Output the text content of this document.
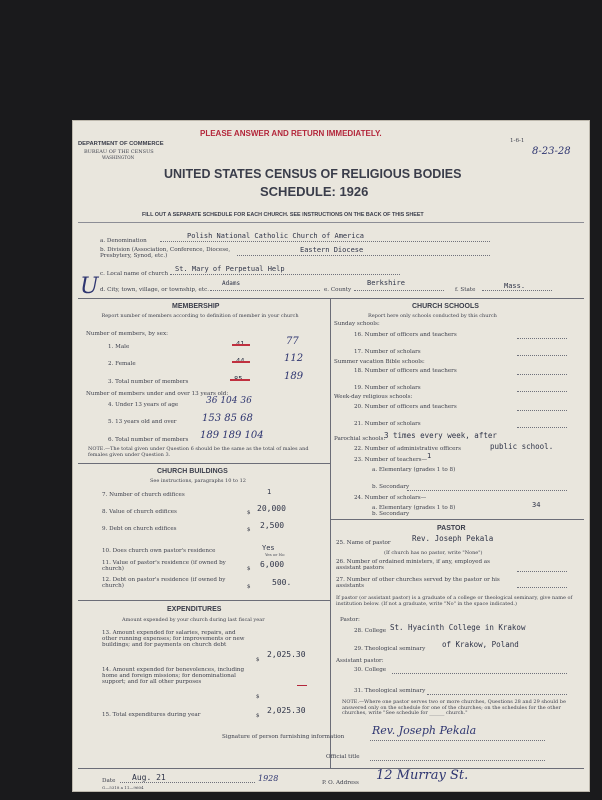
PLEASE ANSWER AND RETURN IMMEDIATELY.
DEPARTMENT OF COMMERCE
BUREAU OF THE CENSUS
WASHINGTON
1-6-1
8-23-28
UNITED STATES CENSUS OF RELIGIOUS BODIES
SCHEDULE: 1926
FILL OUT A SEPARATE SCHEDULE FOR EACH CHURCH. SEE INSTRUCTIONS ON THE BACK OF THIS SHEET
a. Denomination
Polish National Catholic Church of America
b. Division (Association, Conference, Diocese, Presbytery, Synod, etc.)
Eastern Diocese
U c. Local name of church
St. Mary of Perpetual Help
d. City, town, village, or township, etc.
Adams
e. County
Berkshire
f. State	Mass.
MEMBERSHIP
Report number of members according to definition of member in your church
Number of members, by sex:
1. Male	41	77
2. Female	44	112
3. Total number of members	85	189
Number of members under and over 13 years old:
4. Under 13 years of age	36 104 36
5. 13 years old and over	153 85 68
6. Total number of members 189 189 104
NOTE.—The total given under Question 6 should be the same as the total of males and females given under Question 3.
CHURCH BUILDINGS
See instructions, paragraphs 10 to 12
7. Number of church edifices	1
8. Value of church edifices	$ 20,000
9. Debt on church edifices	$ 2,500
10. Does church own pastor's residence	Yes
Yes or No
11. Value of pastor's residence (if owned by church)	$ 6,000
12. Debt on pastor's residence (if owned by church)	$	500.
EXPENDITURES
Amount expended by your church during last fiscal year
13. Amount expended for salaries, repairs, and other running expenses; for improvements or new buildings; and for payments on church debt
$
2,025.30
14. Amount expended for benevolences, including home and foreign missions; for denominational support; and for all other purposes
$
—
15. Total expenditures during year	$
2,025.30
CHURCH SCHOOLS
Report here only schools conducted by this church
Sunday schools:
16. Number of officers and teachers
17. Number of scholars
Summer vacation Bible schools:
18. Number of officers and teachers
19. Number of scholars
Week-day religious schools:
20. Number of officers and teachers
21. Number of scholars
Parochial schools:
3 times every week, after
22. Number of administrative officers	public school.
23. Number of teachers— 1
a. Elementary (grades 1 to 8)
b. Secondary
24. Number of scholars—
a. Elementary (grades 1 to 8)	34
b. Secondary
PASTOR
25. Name of pastor	Rev. Joseph Pekala
(If church has no pastor, write "None")
26. Number of ordained ministers, if any, employed as assistant pastors
27. Number of other churches served by the pastor or his assistants
If pastor (or assistant pastor) is a graduate of a college or theological seminary, give name of institution below. (If not a graduate, write "No" in the space indicated.)
Pastor:
28. College St. Hyacinth College in Krakow
29. Theological seminary of Krakow, Poland
Assistant pastor:
30. College
31. Theological seminary
NOTE.—Where one pastor serves two or more churches, Questions 28 and 29 should be answered only on the schedule for one of the churches; on the schedules for the other churches, write "See schedule for ______ church."
Signature of person furnishing information	Rev. Joseph Pekala
Official title
Date Aug. 21	1928	P. O. Address 12 Murray St.
G—5318 a 11—9604
